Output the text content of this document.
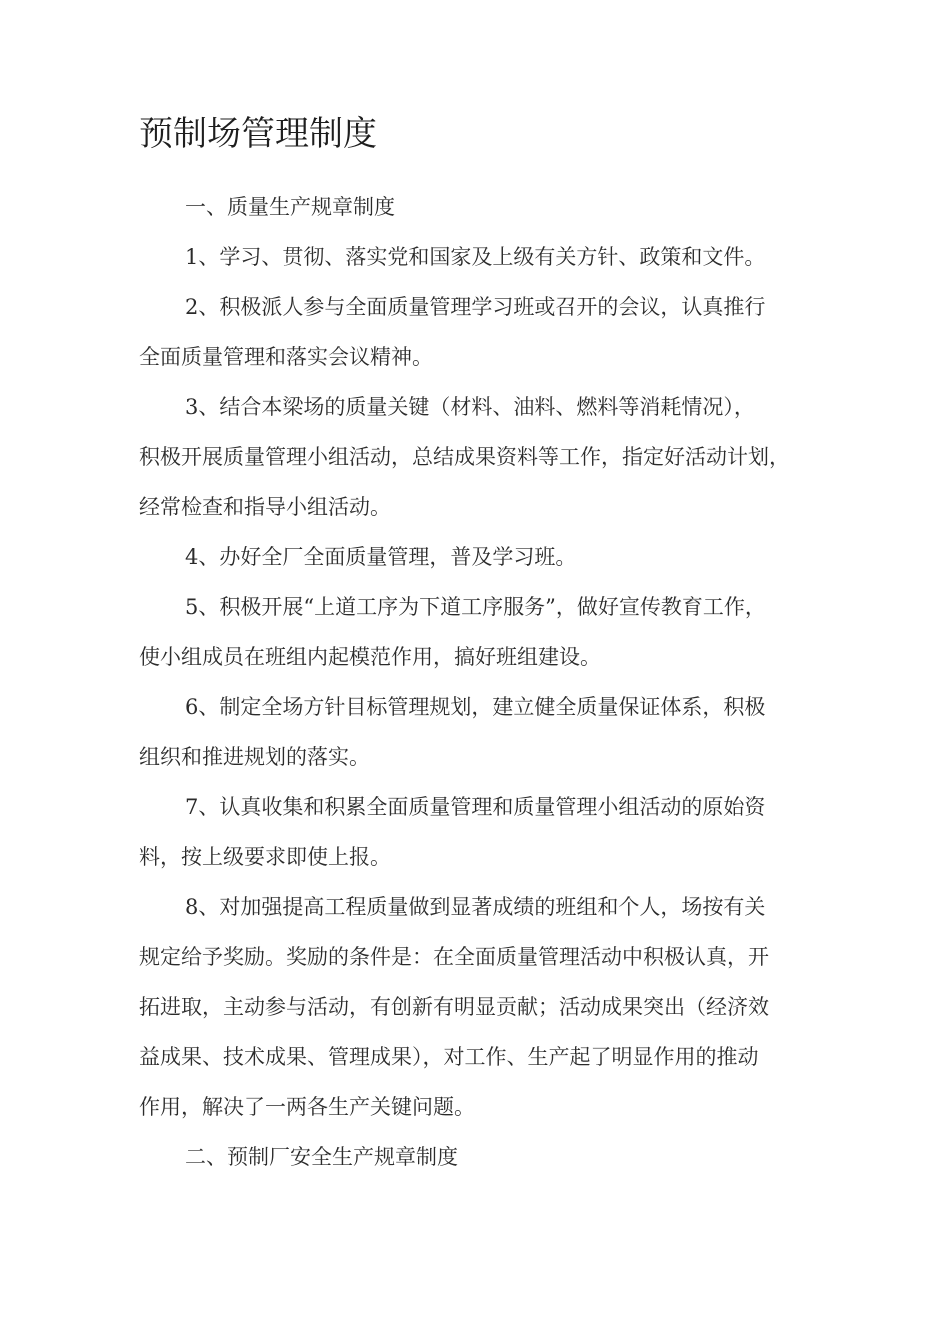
预制场管理制度

一、质量生产规章制度

1、学习、贯彻、落实党和国家及上级有关方针、政策和文件。

2、积极派人参与全面质量管理学习班或召开的会议，认真推行

全面质量管理和落实会议精神。

3、结合本梁场的质量关键（材料、油料、燃料等消耗情况），

积极开展质量管理小组活动，总结成果资料等工作，指定好活动计划，

经常检查和指导小组活动。

4、办好全厂全面质量管理，普及学习班。

5、积极开展“上道工序为下道工序服务”，做好宣传教育工作，

使小组成员在班组内起模范作用，搞好班组建设。

6、制定全场方针目标管理规划，建立健全质量保证体系，积极

组织和推进规划的落实。

7、认真收集和积累全面质量管理和质量管理小组活动的原始资

料，按上级要求即使上报。

8、对加强提高工程质量做到显著成绩的班组和个人，场按有关

规定给予奖励。奖励的条件是：在全面质量管理活动中积极认真，开

拓进取，主动参与活动，有创新有明显贡献；活动成果突出（经济效

益成果、技术成果、管理成果），对工作、生产起了明显作用的推动

作用，解决了一两各生产关键问题。

二、预制厂安全生产规章制度
